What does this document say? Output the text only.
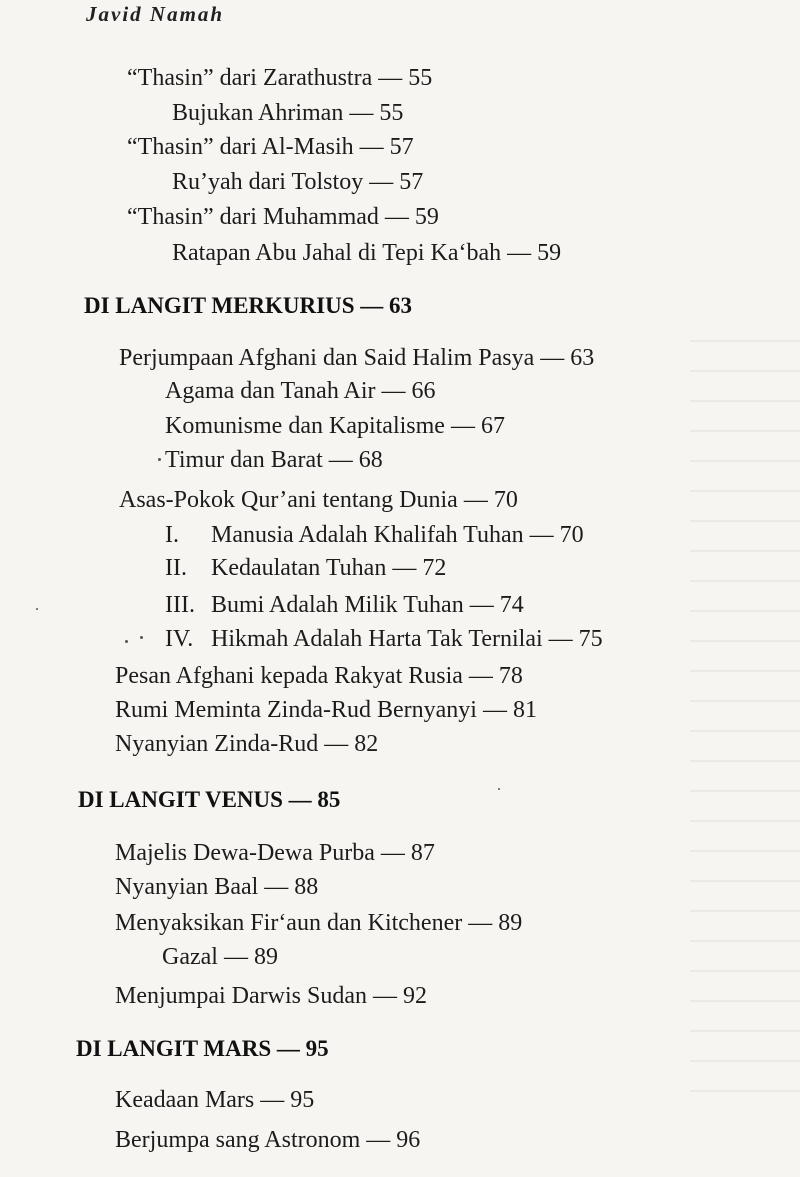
Javid Namah
“Thasin” dari Zarathustra — 55
Bujukan Ahriman — 55
“Thasin” dari Al-Masih — 57
Ru’yah dari Tolstoy — 57
“Thasin” dari Muhammad — 59
Ratapan Abu Jahal di Tepi Ka‘bah — 59
DI LANGIT MERKURIUS — 63
Perjumpaan Afghani dan Said Halim Pasya — 63
Agama dan Tanah Air — 66
Komunisme dan Kapitalisme — 67
Timur dan Barat — 68
Asas-Pokok Qur’ani tentang Dunia — 70
I. Manusia Adalah Khalifah Tuhan — 70
II. Kedaulatan Tuhan — 72
III. Bumi Adalah Milik Tuhan — 74
IV. Hikmah Adalah Harta Tak Ternilai — 75
Pesan Afghani kepada Rakyat Rusia — 78
Rumi Meminta Zinda-Rud Bernyanyi — 81
Nyanyian Zinda-Rud — 82
DI LANGIT VENUS — 85
Majelis Dewa-Dewa Purba — 87
Nyanyian Baal — 88
Menyaksikan Fir‘aun dan Kitchener — 89
Gazal — 89
Menjumpai Darwis Sudan — 92
DI LANGIT MARS — 95
Keadaan Mars — 95
Berjumpa sang Astronom — 96
